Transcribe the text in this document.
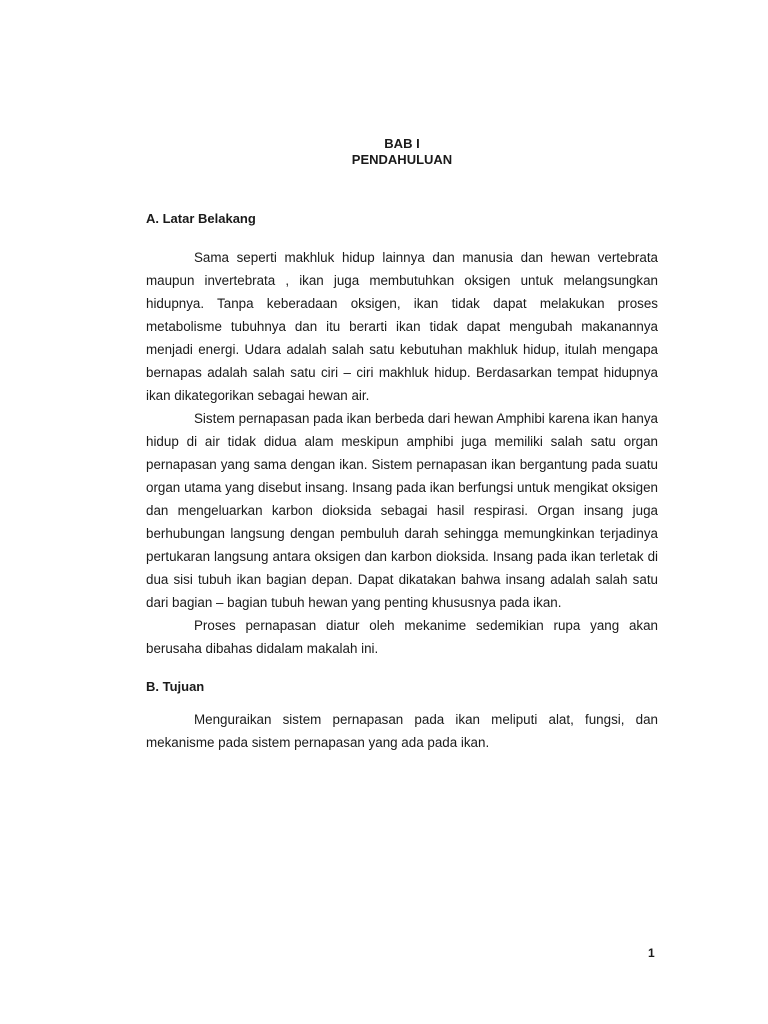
BAB I
PENDAHULUAN

A. Latar Belakang

Sama seperti makhluk hidup lainnya dan manusia dan hewan vertebrata maupun invertebrata , ikan juga membutuhkan oksigen untuk melangsungkan hidupnya. Tanpa keberadaan oksigen, ikan tidak dapat melakukan proses metabolisme tubuhnya dan itu berarti ikan tidak dapat mengubah makanannya menjadi energi. Udara adalah salah satu kebutuhan makhluk hidup, itulah mengapa bernapas adalah salah satu ciri – ciri makhluk hidup. Berdasarkan tempat hidupnya ikan dikategorikan sebagai hewan air.

Sistem pernapasan pada ikan berbeda dari hewan Amphibi karena ikan hanya hidup di air tidak didua alam meskipun amphibi juga memiliki salah satu organ pernapasan yang sama dengan ikan. Sistem pernapasan ikan bergantung pada suatu organ utama yang disebut insang. Insang pada ikan berfungsi untuk mengikat oksigen dan mengeluarkan karbon dioksida sebagai hasil respirasi. Organ insang juga berhubungan langsung dengan pembuluh darah sehingga memungkinkan terjadinya pertukaran langsung antara oksigen dan karbon dioksida. Insang pada ikan terletak di dua sisi tubuh ikan bagian depan. Dapat dikatakan bahwa insang adalah salah satu dari bagian – bagian tubuh hewan yang penting khususnya pada ikan.

Proses pernapasan diatur oleh mekanime sedemikian rupa yang akan berusaha dibahas didalam makalah ini.

B. Tujuan

Menguraikan sistem pernapasan pada ikan meliputi alat, fungsi, dan mekanisme pada sistem pernapasan yang ada pada ikan.

1
